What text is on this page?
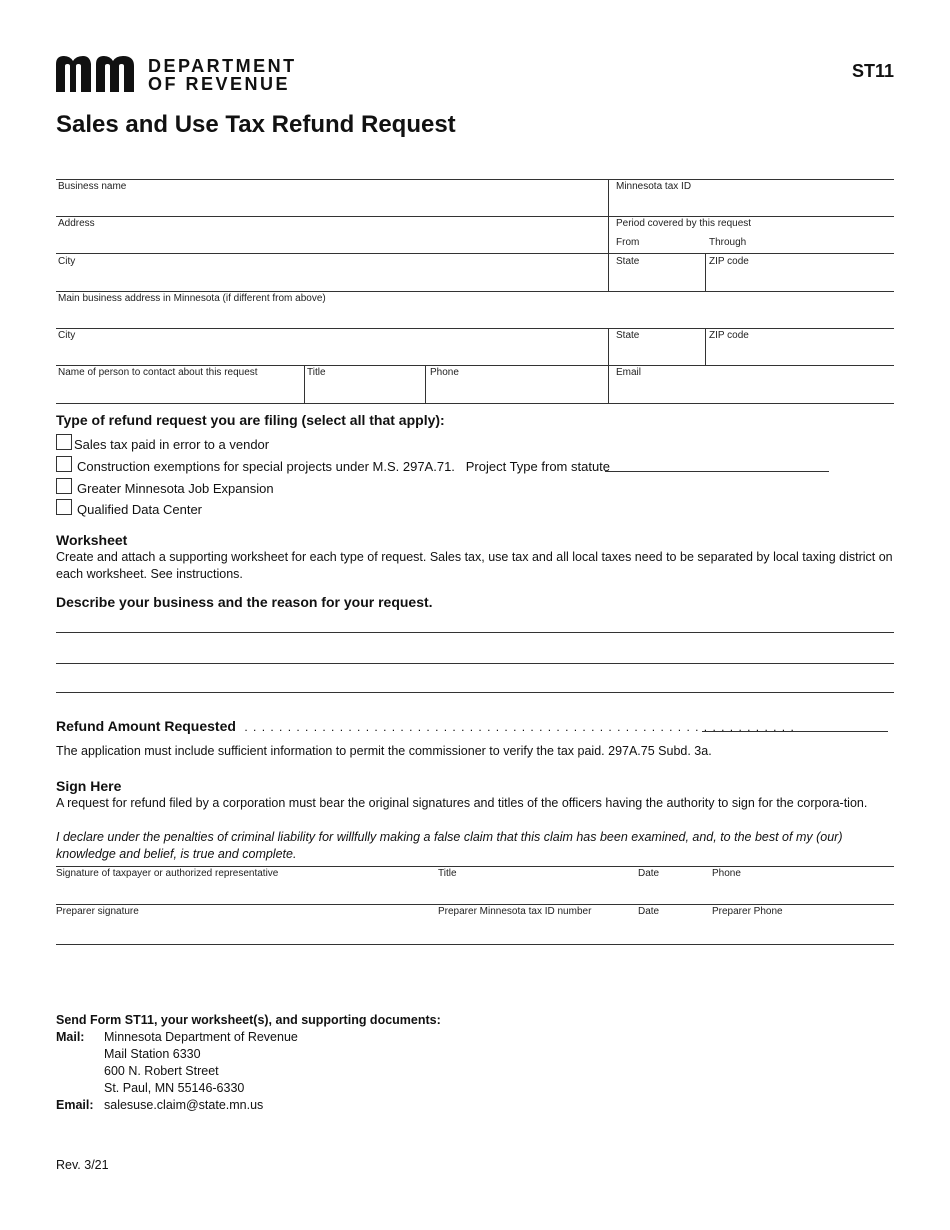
DEPARTMENT
OF REVENUE
ST11
Sales and Use Tax Refund Request
Business name	Minnesota tax ID
Address	Period covered by this request
From	Through
City	State	ZIP code
Main business address in Minnesota (if different from above)
City	State	ZIP code
Name of person to contact about this request	Title	Phone	Email
Type of refund request you are filing (select all that apply):
Sales tax paid in error to a vendor
Construction exemptions for special projects under M.S. 297A.71.   Project Type from statute
Greater Minnesota Job Expansion
Qualified Data Center
Worksheet
Create and attach a supporting worksheet for each type of request. Sales tax, use tax and all local taxes need to be separated by local taxing district on each worksheet. See instructions.
Describe your business and the reason for your request.
Refund Amount Requested . . . . . . . . . . . . . . . . . . . . . . . . . . . . . . . . . . . . . . . . . . . . . . . . . . . . . . . . . . . . . . . .
The application must include sufficient information to permit the commissioner to verify the tax paid. 297A.75 Subd. 3a.
Sign Here
A request for refund filed by a corporation must bear the original signatures and titles of the officers having the authority to sign for the corpora-tion.
I declare under the penalties of criminal liability for willfully making a false claim that this claim has been examined, and, to the best of my (our) knowledge and belief, is true and complete.
Signature of taxpayer or authorized representative	Title	Date	Phone
Preparer signature	Preparer Minnesota tax ID number	Date	Preparer Phone
Send Form ST11, your worksheet(s), and supporting documents:
Mail: Minnesota Department of Revenue
Mail Station 6330
600 N. Robert Street
St. Paul, MN 55146-6330
Email: salesuse.claim@state.mn.us
Rev. 3/21
